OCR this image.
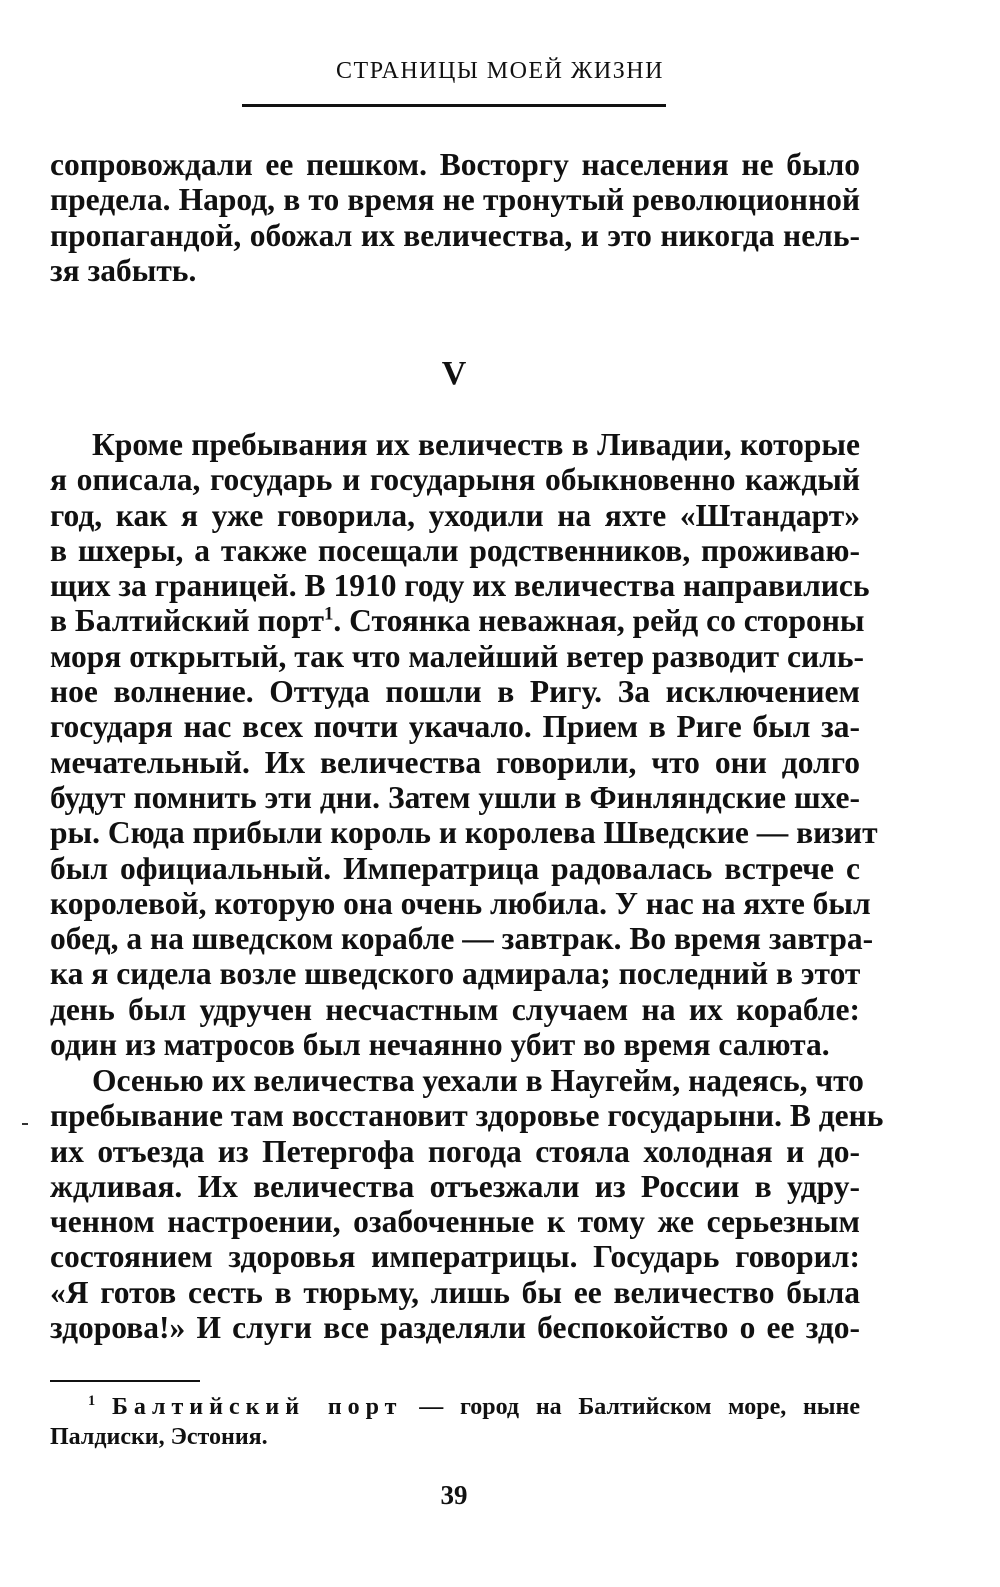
СТРАНИЦЫ МОЕЙ ЖИЗНИ
сопровождали ее пешком. Восторгу населения не было
предела. Народ, в то время не тронутый революционной
пропагандой, обожал их величества, и это никогда нель-
зя забыть.
V
Кроме пребывания их величеств в Ливадии, которые
я описала, государь и государыня обыкновенно каждый
год, как я уже говорила, уходили на яхте «Штандарт»
в шхеры, а также посещали родственников, проживаю-
щих за границей. В 1910 году их величества направились
в Балтийский порт$^1$. Стоянка неважная, рейд со стороны
моря открытый, так что малейший ветер разводит силь-
ное волнение. Оттуда пошли в Ригу. За исключением
государя нас всех почти укачало. Прием в Риге был за-
мечательный. Их величества говорили, что они долго
будут помнить эти дни. Затем ушли в Финляндские шхе-
ры. Сюда прибыли король и королева Шведские — визит
был официальный. Императрица радовалась встрече с
королевой, которую она очень любила. У нас на яхте был
обед, а на шведском корабле — завтрак. Во время завтра-
ка я сидела возле шведского адмирала; последний в этот
день был удручен несчастным случаем на их корабле:
один из матросов был нечаянно убит во время салюта.
Осенью их величества уехали в Наугейм, надеясь, что
пребывание там восстановит здоровье государыни. В день
их отъезда из Петергофа погода стояла холодная и до-
ждливая. Их величества отъезжали из России в удру-
ченном настроении, озабоченные к тому же серьезным
состоянием здоровья императрицы. Государь говорил:
«Я готов сесть в тюрьму, лишь бы ее величество была
здорова!» И слуги все разделяли беспокойство о ее здо-
$^1$ Балтийский порт — город на Балтийском море, ныне
Палдиски, Эстония.
39
